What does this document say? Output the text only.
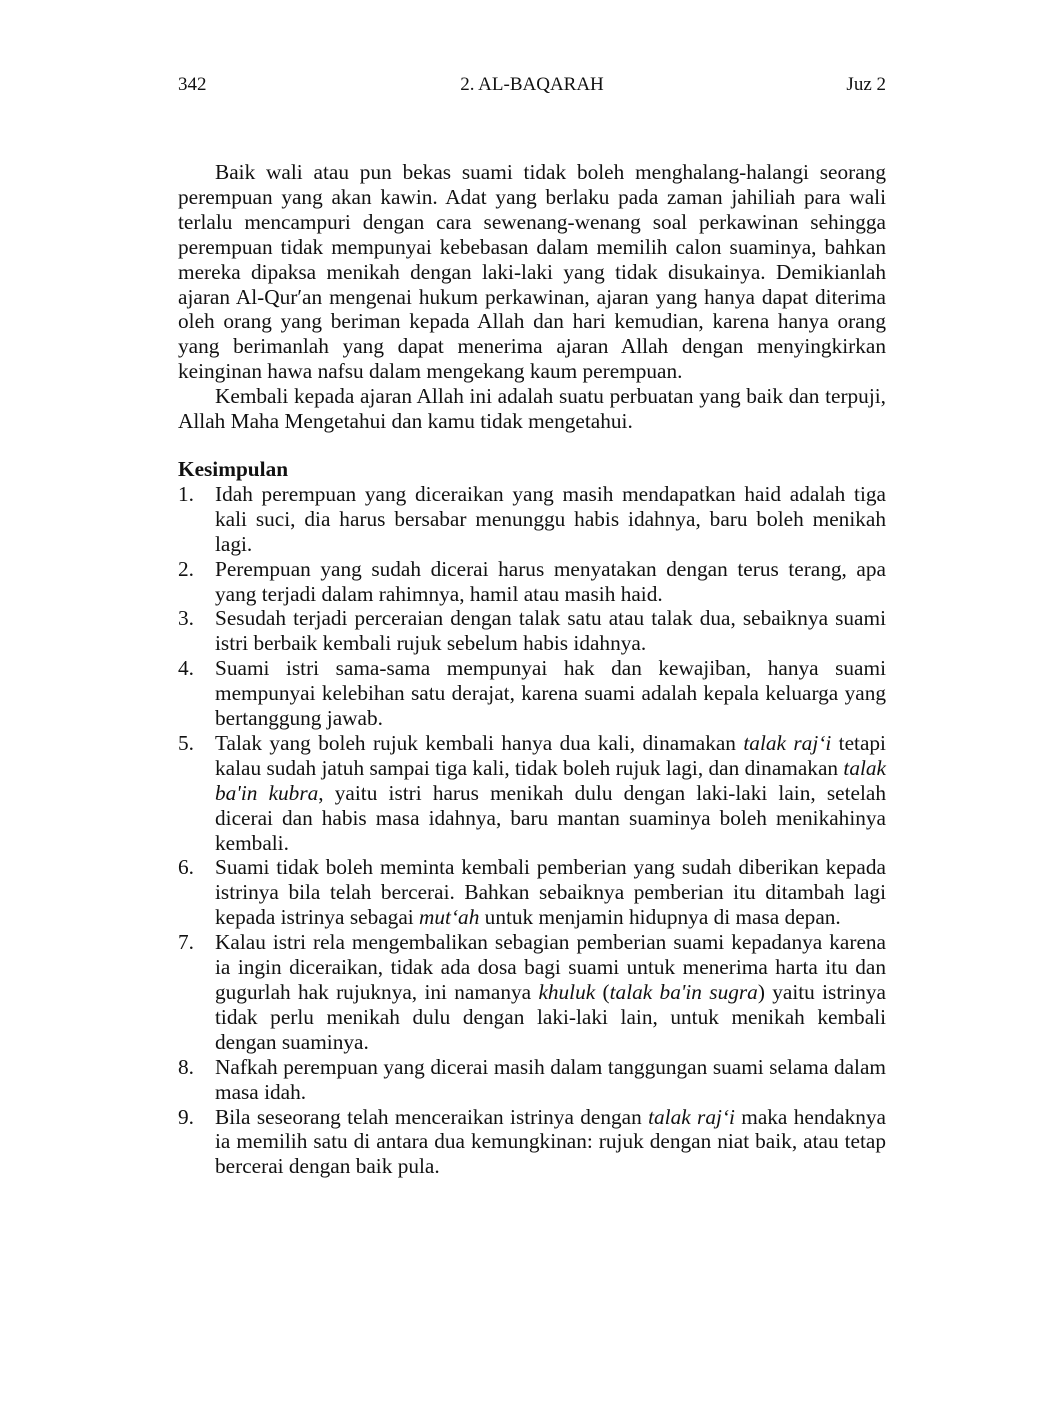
342	2. AL-BAQARAH	Juz 2

Baik wali atau pun bekas suami tidak boleh menghalang-halangi seorang perempuan yang akan kawin. Adat yang berlaku pada zaman jahiliah para wali terlalu mencampuri dengan cara sewenang-wenang soal perkawinan sehingga perempuan tidak mempunyai kebebasan dalam memilih calon suaminya, bahkan mereka dipaksa menikah dengan laki-laki yang tidak disukainya. Demikianlah ajaran Al-Qur′an mengenai hukum perkawinan, ajaran yang hanya dapat diterima oleh orang yang beriman kepada Allah dan hari kemudian, karena hanya orang yang berimanlah yang dapat menerima ajaran Allah dengan menyingkirkan keinginan hawa nafsu dalam mengekang kaum perempuan.

Kembali kepada ajaran Allah ini adalah suatu perbuatan yang baik dan terpuji, Allah Maha Mengetahui dan kamu tidak mengetahui.

Kesimpulan
1. Idah perempuan yang diceraikan yang masih mendapatkan haid adalah tiga kali suci, dia harus bersabar menunggu habis idahnya, baru boleh menikah lagi.
2. Perempuan yang sudah dicerai harus menyatakan dengan terus terang, apa yang terjadi dalam rahimnya, hamil atau masih haid.
3. Sesudah terjadi perceraian dengan talak satu atau talak dua, sebaiknya suami istri berbaik kembali rujuk sebelum habis idahnya.
4. Suami istri sama-sama mempunyai hak dan kewajiban, hanya suami mempunyai kelebihan satu derajat, karena suami adalah kepala keluarga yang bertanggung jawab.
5. Talak yang boleh rujuk kembali hanya dua kali, dinamakan talak raj‘i tetapi kalau sudah jatuh sampai tiga kali, tidak boleh rujuk lagi, dan dinamakan talak ba'in kubra, yaitu istri harus menikah dulu dengan laki-laki lain, setelah dicerai dan habis masa idahnya, baru mantan suaminya boleh menikahinya kembali.
6. Suami tidak boleh meminta kembali pemberian yang sudah diberikan kepada istrinya bila telah bercerai. Bahkan sebaiknya pemberian itu ditambah lagi kepada istrinya sebagai mut‘ah untuk menjamin hidupnya di masa depan.
7. Kalau istri rela mengembalikan sebagian pemberian suami kepadanya karena ia ingin diceraikan, tidak ada dosa bagi suami untuk menerima harta itu dan gugurlah hak rujuknya, ini namanya khuluk (talak ba'in sugra) yaitu istrinya tidak perlu menikah dulu dengan laki-laki lain, untuk menikah kembali dengan suaminya.
8. Nafkah perempuan yang dicerai masih dalam tanggungan suami selama dalam masa idah.
9. Bila seseorang telah menceraikan istrinya dengan talak raj‘i maka hendaknya ia memilih satu di antara dua kemungkinan: rujuk dengan niat baik, atau tetap bercerai dengan baik pula.
